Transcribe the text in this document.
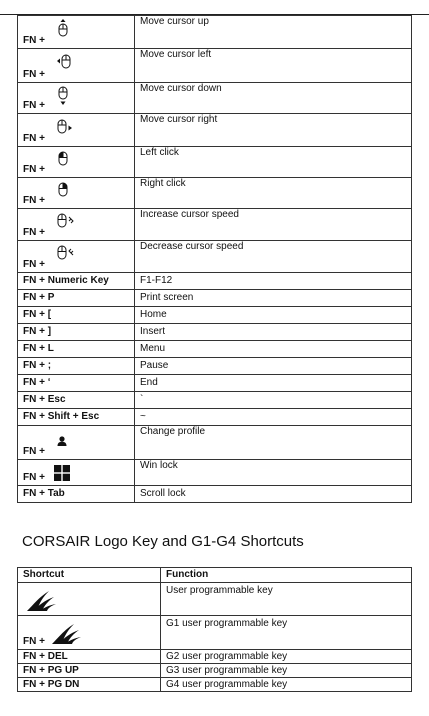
FN +	Move cursor up

FN +	Move cursor left

FN +	Move cursor down

FN +	Move cursor right

FN +	Left click

FN +	Right click

FN +	Increase cursor speed

FN +	Decrease cursor speed
FN + Numeric Key	F1-F12
FN + P	Print screen
FN + [	Home
FN + ]	Insert
FN + L	Menu
FN + ;	Pause
FN + ‘	End
FN + Esc	`
FN + Shift + Esc	~

FN +	Change profile

FN +	Win lock
FN + Tab	Scroll lock
CORSAIR Logo Key and G1-G4 Shortcuts
Shortcut	Function

	User programmable key

FN +	G1 user programmable key
FN + DEL	G2 user programmable key
FN + PG UP	G3 user programmable key
FN + PG DN	G4 user programmable key
